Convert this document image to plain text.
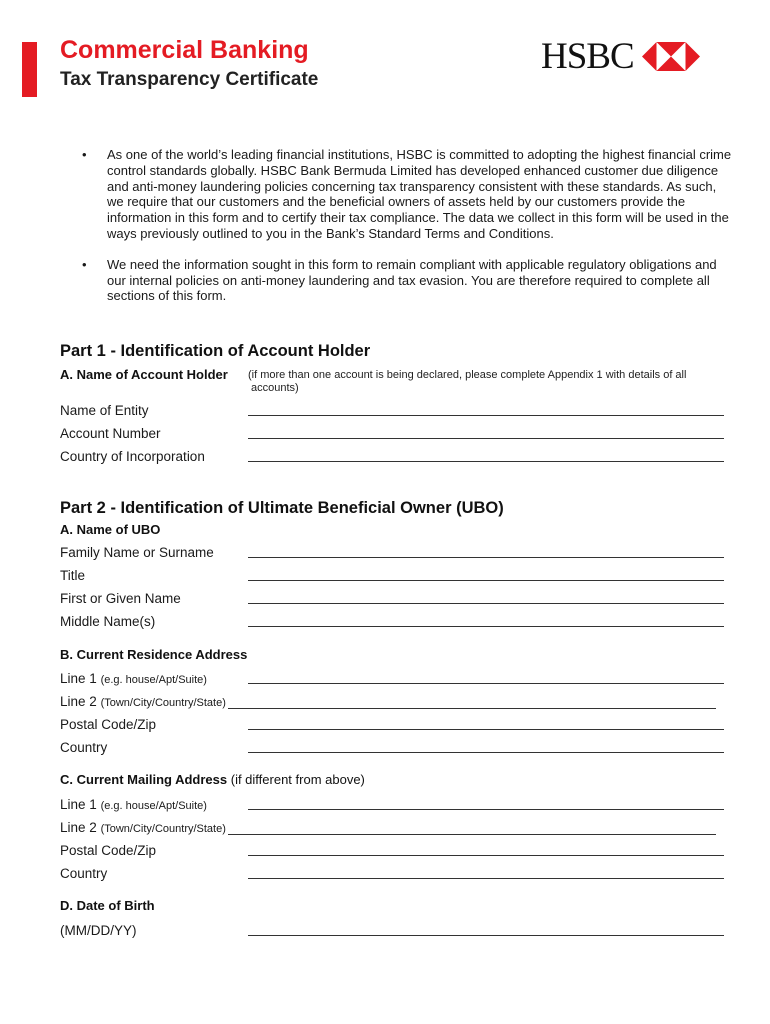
Commercial Banking
Tax Transparency Certificate
HSBC
• As one of the world’s leading financial institutions, HSBC is committed to adopting the highest financial crime control standards globally. HSBC Bank Bermuda Limited has developed enhanced customer due diligence and anti-money laundering policies concerning tax transparency consistent with these standards. As such, we require that our customers and the beneficial owners of assets held by our customers provide the information in this form and to certify their tax compliance. The data we collect in this form will be used in the ways previously outlined to you in the Bank’s Standard Terms and Conditions.
• We need the information sought in this form to remain compliant with applicable regulatory obligations and our internal policies on anti-money laundering and tax evasion. You are therefore required to complete all sections of this form.
Part 1 - Identification of Account Holder
A. Name of Account Holder (if more than one account is being declared, please complete Appendix 1 with details of all
accounts)
Name of Entity
Account Number
Country of Incorporation
Part 2 - Identification of Ultimate Beneficial Owner (UBO)
A. Name of UBO
Family Name or Surname
Title
First or Given Name
Middle Name(s)
B. Current Residence Address
Line 1 (e.g. house/Apt/Suite)
Line 2 (Town/City/Country/State)
Postal Code/Zip
Country
C. Current Mailing Address (if different from above)
Line 1 (e.g. house/Apt/Suite)
Line 2 (Town/City/Country/State)
Postal Code/Zip
Country
D. Date of Birth
(MM/DD/YY)
